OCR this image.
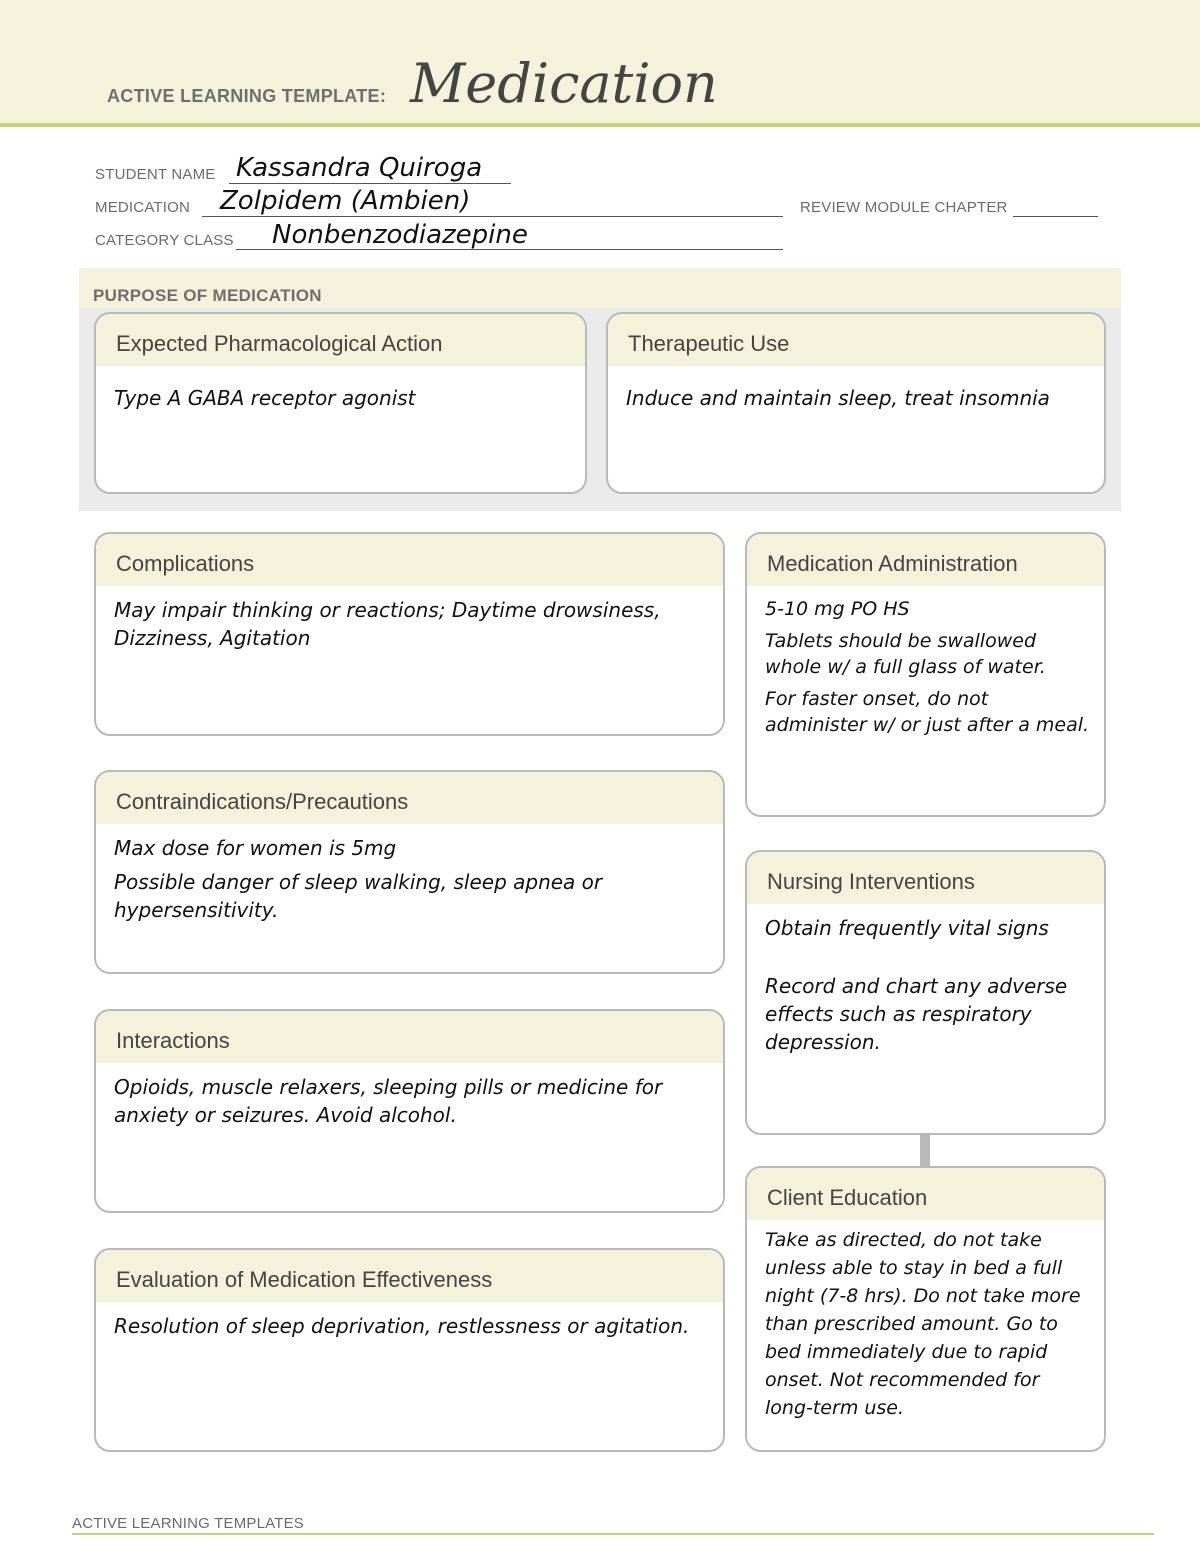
ACTIVE LEARNING TEMPLATE: Medication
STUDENT NAME Kassandra Quiroga
MEDICATION Zolpidem (Ambien)	REVIEW MODULE CHAPTER
CATEGORY CLASS Nonbenzodiazepine
PURPOSE OF MEDICATION
Expected Pharmacological Action

Type A GABA receptor agonist

Therapeutic Use

Induce and maintain sleep, treat insomnia

Complications

May impair thinking or reactions; Daytime drowsiness, Dizziness, Agitation

Contraindications/Precautions

Max dose for women is 5mg

Possible danger of sleep walking, sleep apnea or hypersensitivity.

Interactions

Opioids, muscle relaxers, sleeping pills or medicine for anxiety or seizures. Avoid alcohol.

Evaluation of Medication Effectiveness

Resolution of sleep deprivation, restlessness or agitation.

Medication Administration

5-10 mg PO HS

Tablets should be swallowed whole w/ a full glass of water.

For faster onset, do not administer w/ or just after a meal.

Nursing Interventions

Obtain frequently vital signs

Record and chart any adverse effects such as respiratory depression.

Client Education

Take as directed, do not take unless able to stay in bed a full night (7-8 hrs). Do not take more than prescribed amount. Go to bed immediately due to rapid onset. Not recommended for long-term use.

ACTIVE LEARNING TEMPLATES
